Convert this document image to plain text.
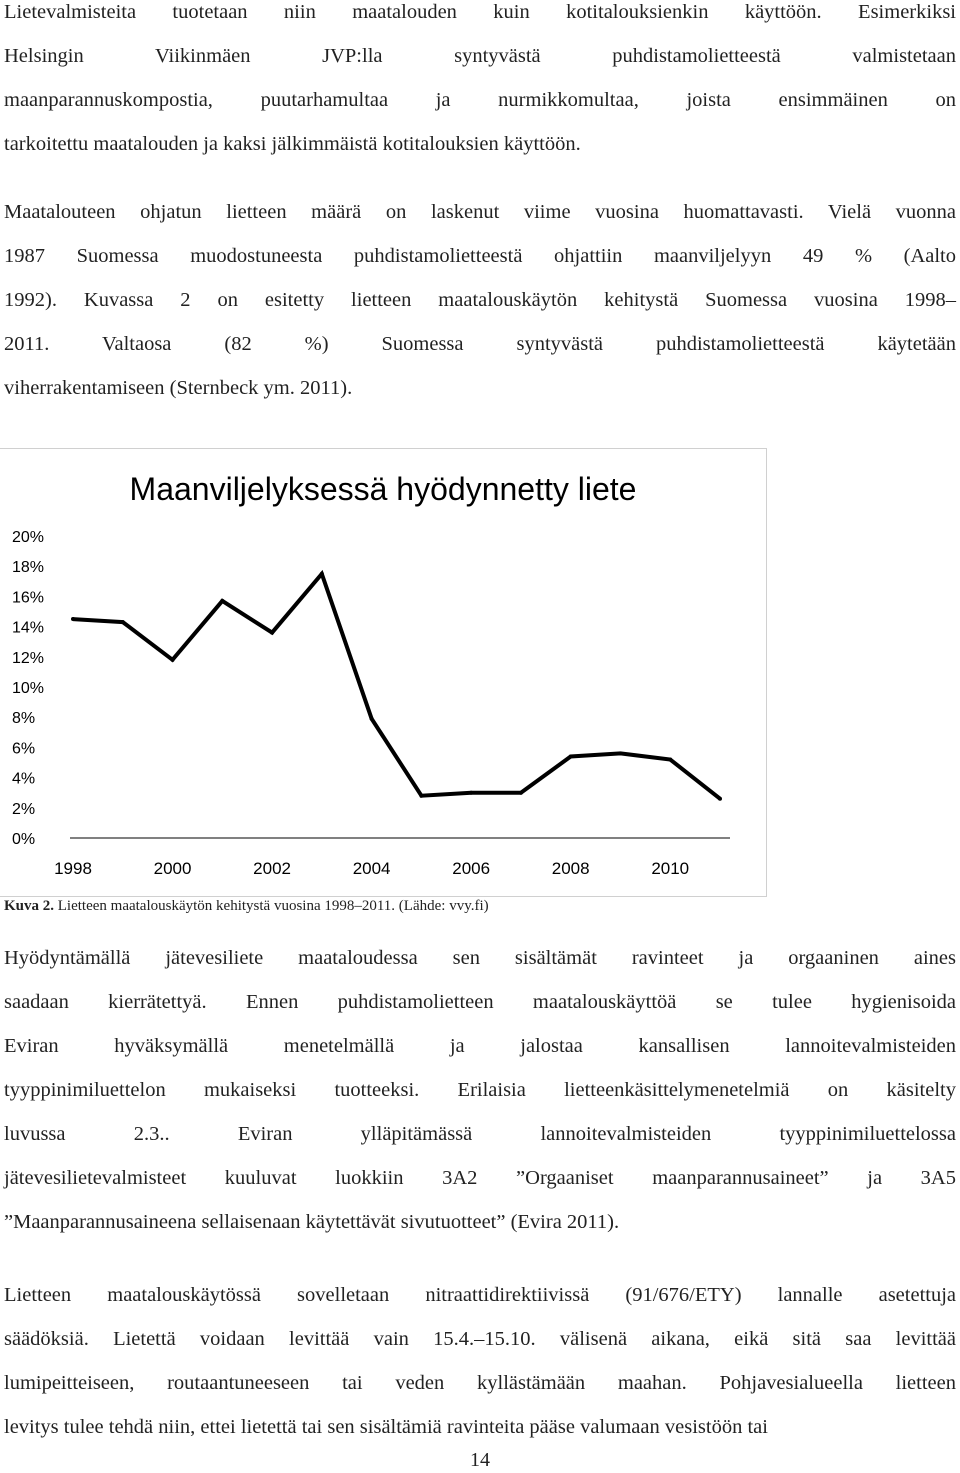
Lietevalmisteita tuotetaan niin maatalouden kuin kotitalouksienkin käyttöön. Esimerkiksi
Helsingin Viikinmäen JVP:lla syntyvästä puhdistamolietteestä valmistetaan
maanparannuskompostia, puutarhamultaa ja nurmikkomultaa, joista ensimmäinen on
tarkoitettu maatalouden ja kaksi jälkimmäistä kotitalouksien käyttöön.
Maatalouteen ohjatun lietteen määrä on laskenut viime vuosina huomattavasti. Vielä vuonna
1987 Suomessa muodostuneesta puhdistamolietteestä ohjattiin maanviljelyyn 49 % (Aalto
1992). Kuvassa 2 on esitetty lietteen maatalouskäytön kehitystä Suomessa vuosina 1998–
2011. Valtaosa (82 %) Suomessa syntyvästä puhdistamolietteestä käytetään
viherrakentamiseen (Sternbeck ym. 2011).
Maanviljelyksessä hyödynnetty liete
0%
2%
4%
6%
8%
10%
12%
14%
16%
18%
20%
1998	2000	2002	2004	2006	2008	2010
Kuva 2. Lietteen maatalouskäytön kehitystä vuosina 1998–2011. (Lähde: vvy.fi)
Hyödyntämällä jätevesiliete maataloudessa sen sisältämät ravinteet ja orgaaninen aines
saadaan kierrätettyä. Ennen puhdistamolietteen maatalouskäyttöä se tulee hygienisoida
Eviran hyväksymällä menetelmällä ja jalostaa kansallisen lannoitevalmisteiden
tyyppinimiluettelon mukaiseksi tuotteeksi. Erilaisia lietteenkäsittelymenetelmiä on käsitelty
luvussa 2.3.. Eviran ylläpitämässä lannoitevalmisteiden tyyppinimiluettelossa
jätevesilietevalmisteet kuuluvat luokkiin 3A2 ”Orgaaniset maanparannusaineet” ja 3A5
”Maanparannusaineena sellaisenaan käytettävät sivutuotteet” (Evira 2011).
Lietteen maatalouskäytössä sovelletaan nitraattidirektiivissä (91/676/ETY) lannalle asetettuja
säädöksiä. Lietettä voidaan levittää vain 15.4.–15.10. välisenä aikana, eikä sitä saa levittää
lumipeitteiseen, routaantuneeseen tai veden kyllästämään maahan. Pohjavesialueella lietteen
levitys tulee tehdä niin, ettei lietettä tai sen sisältämiä ravinteita pääse valumaan vesistöön tai
14
